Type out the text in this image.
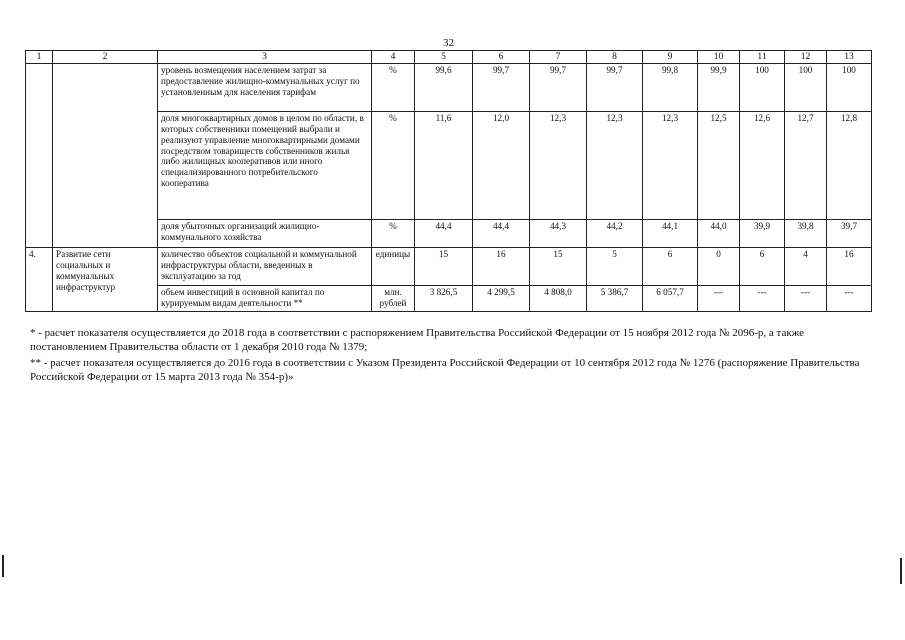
32
1	2	3	4	5	6	7	8	9	10	11	12	13
		уровень возмещения населением затрат за предоставление жилищно-коммунальных услуг по установленным для населения тарифам	%	99,6	99,7	99,7	99,7	99,8	99,9	100	100	100
		доля многоквартирных домов в целом по области, в которых собственники помещений выбрали и реализуют управление многоквартирными домами посредством товариществ собственников жилья либо жилищных кооперативов или иного специализированного потребительского кооператива	%	11,6	12,0	12,3	12,3	12,3	12,5	12,6	12,7	12,8
		доля убыточных организаций жилищно-коммунального хозяйства	%	44,4	44,4	44,3	44,2	44,1	44,0	39,9	39,8	39,7
4.	Развитие сети социальных и коммунальных инфраструктур	количество объектов социальной и коммунальной инфраструктуры области, введенных в эксплуатацию за год	единицы	15	16	15	5	6	0	6	4	16
		объем инвестиций в основной капитал по курируемым видам деятельности **	млн. рублей	3 826,5	4 299,5	4 808,0	5 386,7	6 057,7	---	---	---	---

* - расчет показателя осуществляется до 2018 года в соответствии с распоряжением Правительства Российской Федерации от 15 ноября 2012 года № 2096-р, а также постановлением Правительства области от 1 декабря 2010 года № 1379;

** - расчет показателя осуществляется до 2016 года в соответствии с Указом Президента Российской Федерации от 10 сентября 2012 года № 1276 (распоряжение Правительства Российской Федерации от 15 марта 2013 года № 354-р)»
